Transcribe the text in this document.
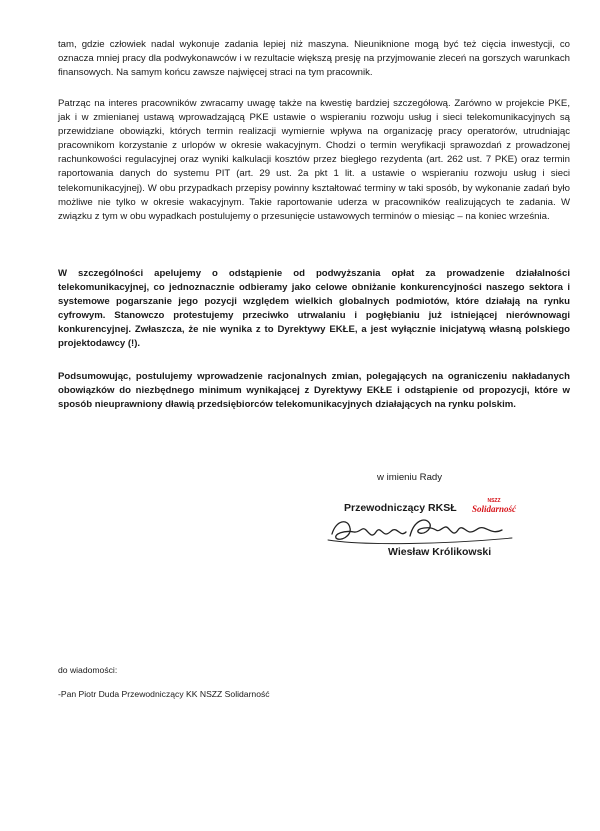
tam, gdzie człowiek nadal wykonuje zadania lepiej niż maszyna. Nieuniknione mogą być też cięcia inwestycji, co oznacza mniej pracy dla podwykonawców i w rezultacie większą presję na przyjmowanie zleceń na gorszych warunkach finansowych. Na samym końcu zawsze najwięcej straci na tym pracownik.

Patrząc na interes pracowników zwracamy uwagę także na kwestię bardziej szczegółową. Zarówno w projekcie PKE, jak i w zmienianej ustawą wprowadzającą PKE ustawie o wspieraniu rozwoju usług i sieci telekomunikacyjnych są przewidziane obowiązki, których termin realizacji wymiernie wpływa na organizację pracy operatorów, utrudniając pracownikom korzystanie z urlopów w okresie wakacyjnym. Chodzi o termin weryfikacji sprawozdań z prowadzonej rachunkowości regulacyjnej oraz wyniki kalkulacji kosztów przez biegłego rezydenta (art. 262 ust. 7 PKE) oraz termin raportowania danych do systemu PIT (art. 29 ust. 2a pkt 1 lit. a ustawie o wspieraniu rozwoju usług i sieci telekomunikacyjnej). W obu przypadkach przepisy powinny kształtować terminy w taki sposób, by wykonanie zadań było możliwe nie tylko w okresie wakacyjnym. Takie raportowanie uderza w pracowników realizujących te zadania. W związku z tym w obu wypadkach postulujemy o przesunięcie ustawowych terminów o miesiąc – na koniec września.

W szczególności apelujemy o odstąpienie od podwyższania opłat za prowadzenie działalności telekomunikacyjnej, co jednoznacznie odbieramy jako celowe obniżanie konkurencyjności naszego sektora i systemowe pogarszanie jego pozycji względem wielkich globalnych podmiotów, które działają na rynku cyfrowym. Stanowczo protestujemy przeciwko utrwalaniu i pogłębianiu już istniejącej nierównowagi konkurencyjnej. Zwłaszcza, że nie wynika z to Dyrektywy EKŁE, a jest wyłącznie inicjatywą własną polskiego projektodawcy (!).

Podsumowując, postulujemy wprowadzenie racjonalnych zmian, polegających na ograniczeniu nakładanych obowiązków do niezbędnego minimum wynikającej z Dyrektywy EKŁE i odstąpienie od propozycji, które w sposób nieuprawniony dławią przedsiębiorców telekomunikacyjnych działających na rynku polskim.

w imieniu Rady
Przewodniczący RKSŁ
NSZZ
Solidarność
Wiesław Królikowski
do wiadomości:
-Pan Piotr Duda Przewodniczący KK NSZZ Solidarność
